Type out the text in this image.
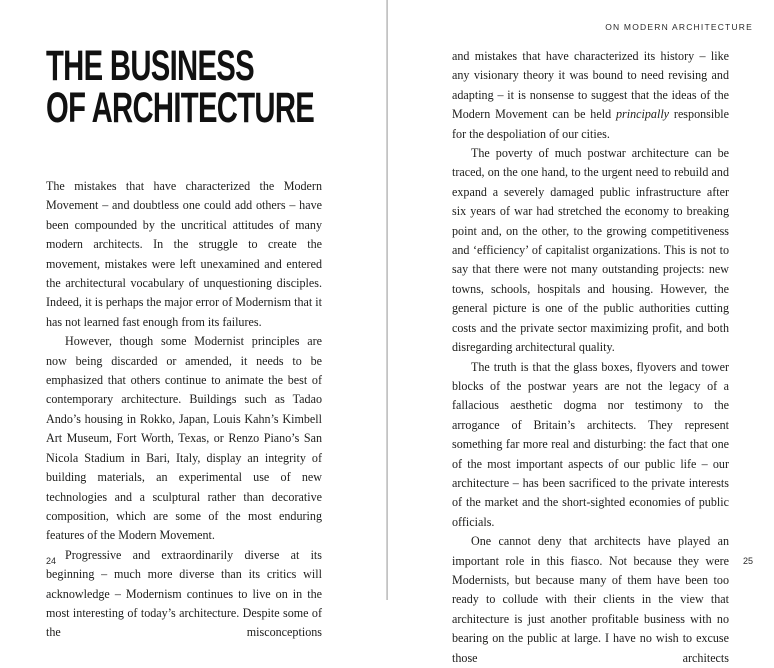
THE BUSINESS
OF ARCHITECTURE

The mistakes that have characterized the Modern Movement – and doubtless one could add others – have been compounded by the uncritical attitudes of many modern architects. In the struggle to create the movement, mistakes were left unexamined and entered the architectural vocabulary of unquestioning disciples. Indeed, it is perhaps the major error of Modernism that it has not learned fast enough from its failures.

However, though some Modernist principles are now being discarded or amended, it needs to be emphasized that others continue to animate the best of contemporary architecture. Buildings such as Tadao Ando’s housing in Rokko, Japan, Louis Kahn’s Kimbell Art Museum, Fort Worth, Texas, or Renzo Piano’s San Nicola Stadium in Bari, Italy, display an integrity of building materials, an experimental use of new technologies and a sculptural rather than decorative composition, which are some of the most enduring features of the Modern Movement.

Progressive and extraordinarily diverse at its beginning – much more diverse than its critics will acknowledge – Modernism continues to live on in the most interesting of today’s architecture. Despite some of the misconceptions

24
ON MODERN ARCHITECTURE

and mistakes that have characterized its history – like any visionary theory it was bound to need revising and adapting – it is nonsense to suggest that the ideas of the Modern Movement can be held principally responsible for the despoliation of our cities.

The poverty of much postwar architecture can be traced, on the one hand, to the urgent need to rebuild and expand a severely damaged public infrastructure after six years of war had stretched the economy to breaking point and, on the other, to the growing competitiveness and ‘efficiency’ of capitalist organizations. This is not to say that there were not many outstanding projects: new towns, schools, hospitals and housing. However, the general picture is one of the public authorities cutting costs and the private sector maximizing profit, and both disregarding architectural quality.

The truth is that the glass boxes, flyovers and tower blocks of the postwar years are not the legacy of a fallacious aesthetic dogma nor testimony to the arrogance of Britain’s architects. They represent something far more real and disturbing: the fact that one of the most important aspects of our public life – our architecture – has been sacrificed to the private interests of the market and the short-sighted economies of public officials.

One cannot deny that architects have played an important role in this fiasco. Not because they were Modernists, but because many of them have been too ready to collude with their clients in the view that architecture is just another profitable business with no bearing on the public at large. I have no wish to excuse those architects

25
